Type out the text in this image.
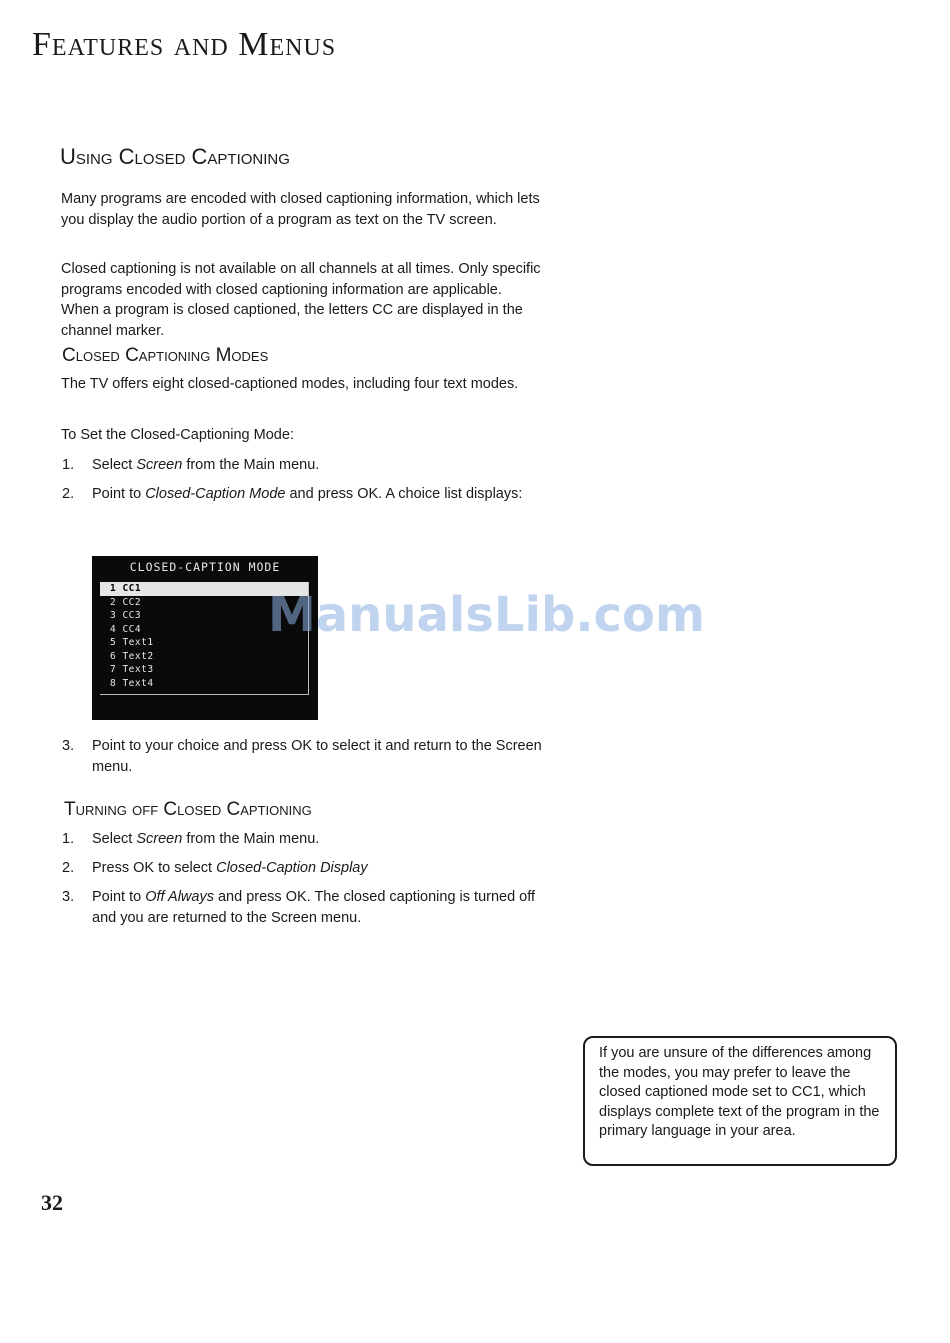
Features and Menus
Using Closed Captioning

Many programs are encoded with closed captioning information, which lets you display the audio portion of a program as text on the TV screen.

Closed captioning is not available on all channels at all times. Only specific programs encoded with closed captioning information are applicable. When a program is closed captioned, the letters CC are displayed in the channel marker.

Closed Captioning Modes

The TV offers eight closed-captioned modes, including four text modes.

To Set the Closed-Captioning Mode:

1.	Select Screen from the Main menu.
2.	Point to Closed-Caption Mode and press OK. A choice list displays:
CLOSED-CAPTION MODE
1 CC1
2 CC2
3 CC3
4 CC4
5 Text1
6 Text2
7 Text3
8 Text4
ManualsLib.com
3.	Point to your choice and press OK to select it and return to the Screen menu.
Turning off Closed Captioning
1.	Select Screen from the Main menu.
2.	Press OK to select Closed-Caption Display
3.	Point to Off Always and press OK. The closed captioning is turned off and you are returned to the Screen menu.
If you are unsure of the differences among the modes, you may prefer to leave the closed captioned mode set to CC1, which displays complete text of the program in the primary language in your area.
32
